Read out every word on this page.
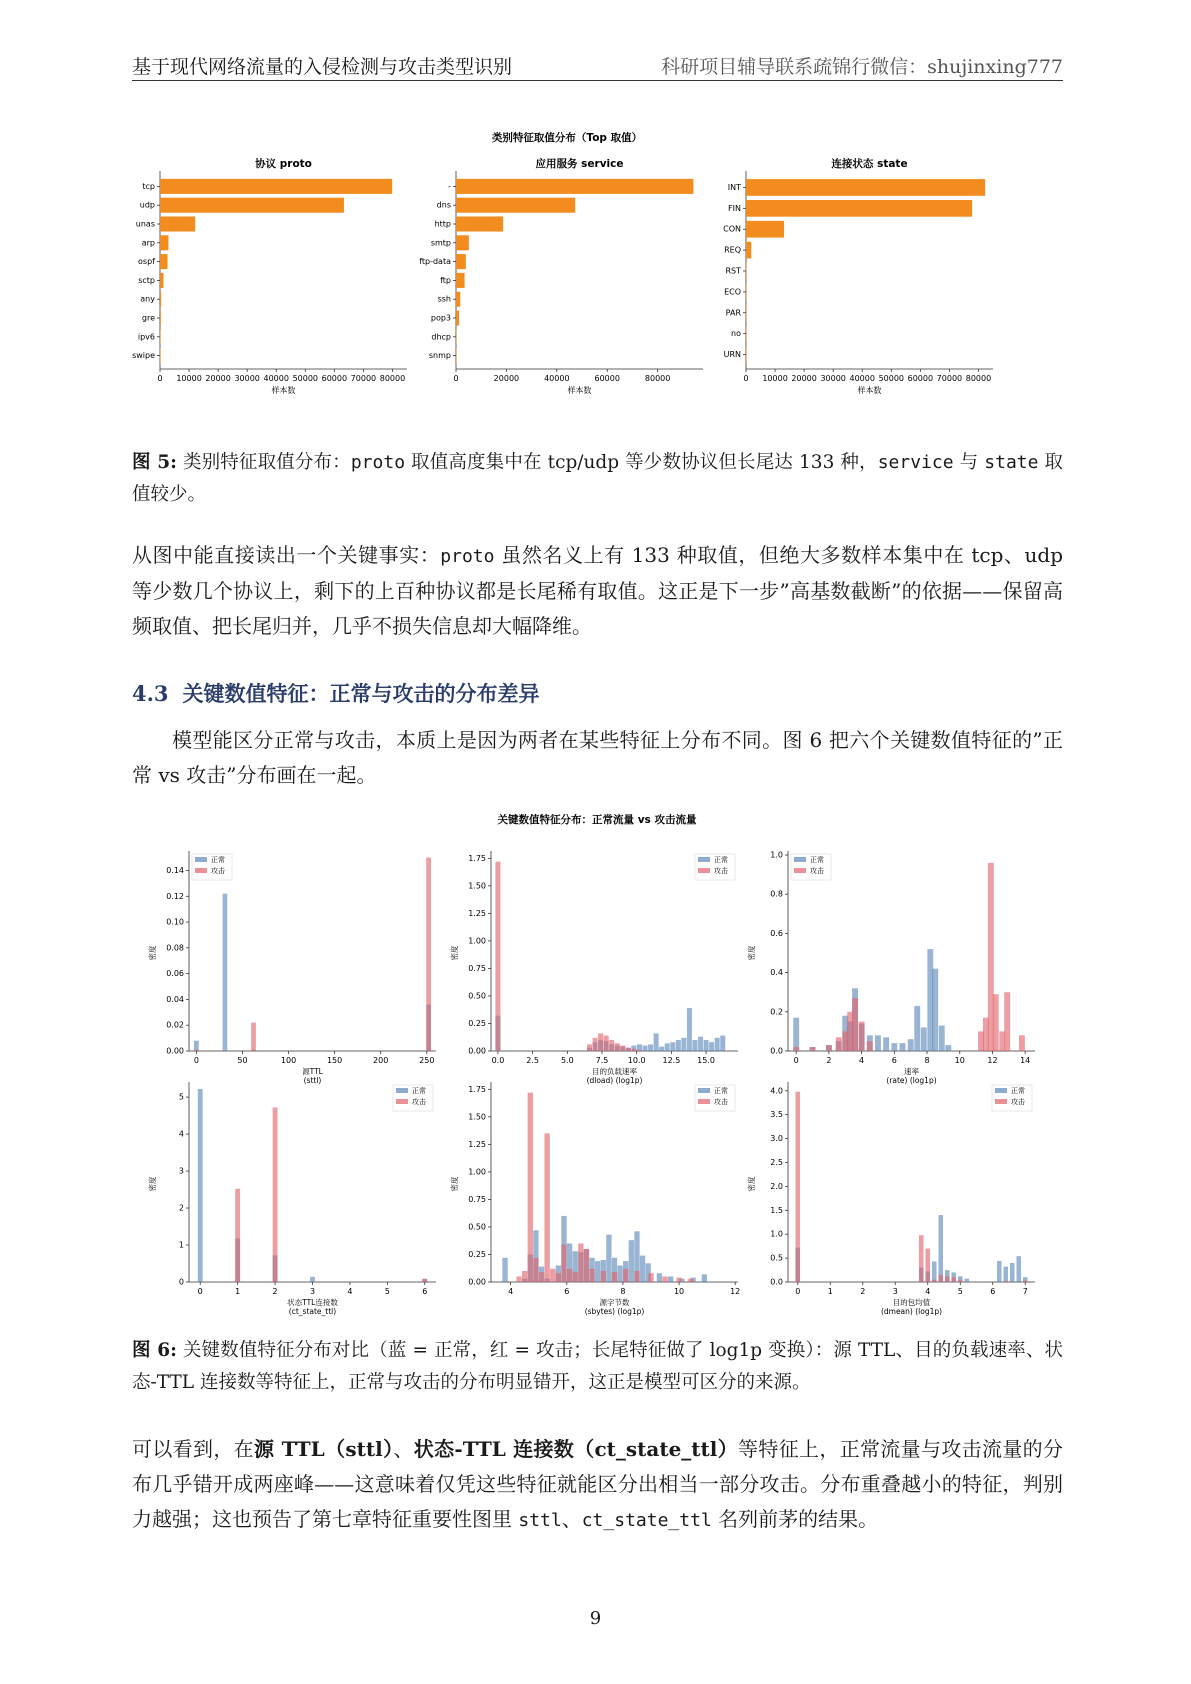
基于现代网络流量的入侵检测与攻击类型识别	科研项目辅导联系疏锦行微信：shujinxing777
类别特征取值分布（Top 取值）
协议 proto
tcp
udp
unas
arp
ospf
sctp
any
gre
ipv6
swipe
0 10000 20000 30000 40000 50000 60000 70000 80000
样本数
应用服务 service
-
dns
http
smtp
ftp-data
ftp
ssh
pop3
dhcp
snmp
0	20000	40000	60000	80000
样本数
连接状态 state
INT
FIN
CON
REQ
RST
ECO
PAR
no
URN
0 10000 20000 30000 40000 50000 60000 70000 80000
样本数

图 5: 类别特征取值分布：proto 取值高度集中在 tcp/udp 等少数协议但长尾达 133 种，service 与 state 取值较少。

从图中能直接读出一个关键事实：proto 虽然名义上有 133 种取值，但绝大多数样本集中在 tcp、udp 等少数几个协议上，剩下的上百种协议都是长尾稀有取值。这正是下一步”高基数截断”的依据——保留高频取值、把长尾归并，几乎不损失信息却大幅降维。

4.3 关键数值特征：正常与攻击的分布差异

模型能区分正常与攻击，本质上是因为两者在某些特征上分布不同。图 6 把六个关键数值特征的”正常 vs 攻击”分布画在一起。

关键数值特征分布：正常流量 vs 攻击流量
0.00
0.02
0.04
0.06
0.08
0.10
0.12
0.14
0	50	100	150	200	250
源TTL
(sttl)
密度
正常
攻击
0.00
0.25
0.50
0.75
1.00
1.25
1.50
1.75
0.0	2.5	5.0	7.5 10.0 12.5 15.0
目的负载速率
(dload) (log1p)
密度
正常
攻击
0.0
0.2
0.4
0.6
0.8
1.0
0	2	4	6	8	10	12	14
速率
(rate) (log1p)
密度
正常
攻击
0
1
2
3
4
5
0	1	2	3	4	5	6
状态TTL连接数
(ct_state_ttl)
密度
正常
攻击
0.00
0.25
0.50
0.75
1.00
1.25
1.50
1.75
4	6	8	10	12
源字节数
(sbytes) (log1p)
密度
正常
攻击
0.0
0.5
1.0
1.5
2.0
2.5
3.0
3.5
4.0
0	1	2	3	4	5	6	7
目的包均值
(dmean) (log1p)
密度
正常
攻击

图 6: 关键数值特征分布对比（蓝 = 正常，红 = 攻击；长尾特征做了 log1p 变换）：源 TTL、目的负载速率、状态-TTL 连接数等特征上，正常与攻击的分布明显错开，这正是模型可区分的来源。

可以看到，在源 TTL（sttl）、状态-TTL 连接数（ct_state_ttl）等特征上，正常流量与攻击流量的分布几乎错开成两座峰——这意味着仅凭这些特征就能区分出相当一部分攻击。分布重叠越小的特征，判别力越强；这也预告了第七章特征重要性图里 sttl、ct_state_ttl 名列前茅的结果。

9
